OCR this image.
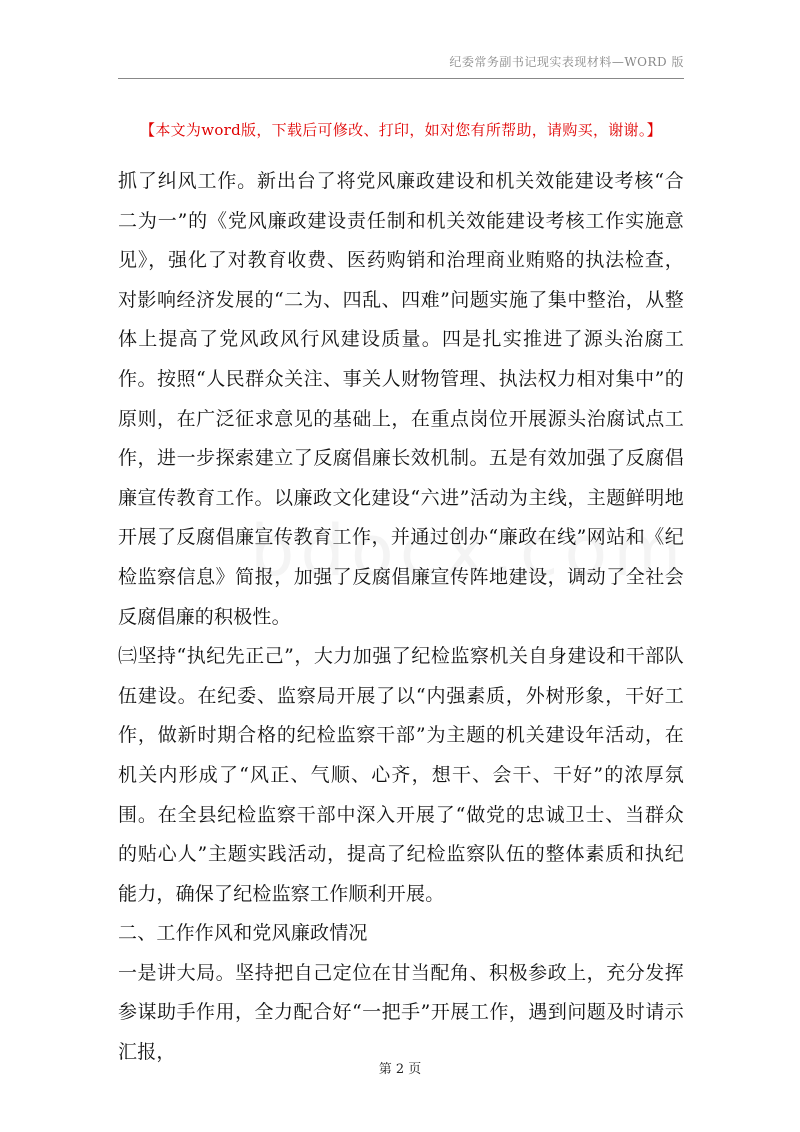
纪委常务副书记现实表现材料—WORD 版
【本文为word版，下载后可修改、打印，如对您有所帮助，请购买，谢谢。】

抓了纠风工作。新出台了将党风廉政建设和机关效能建设考核“合二为一”的《党风廉政建设责任制和机关效能建设考核工作实施意见》，强化了对教育收费、医药购销和治理商业贿赂的执法检查，对影响经济发展的“二为、四乱、四难”问题实施了集中整治，从整体上提高了党风政风行风建设质量。四是扎实推进了源头治腐工作。按照“人民群众关注、事关人财物管理、执法权力相对集中”的原则，在广泛征求意见的基础上，在重点岗位开展源头治腐试点工作，进一步探索建立了反腐倡廉长效机制。五是有效加强了反腐倡廉宣传教育工作。以廉政文化建设“六进”活动为主线，主题鲜明地开展了反腐倡廉宣传教育工作，并通过创办“廉政在线”网站和《纪检监察信息》简报，加强了反腐倡廉宣传阵地建设，调动了全社会反腐倡廉的积极性。

㈢坚持“执纪先正己”，大力加强了纪检监察机关自身建设和干部队伍建设。在纪委、监察局开展了以“内强素质，外树形象，干好工作，做新时期合格的纪检监察干部”为主题的机关建设年活动，在机关内形成了“风正、气顺、心齐，想干、会干、干好”的浓厚氛围。在全县纪检监察干部中深入开展了“做党的忠诚卫士、当群众的贴心人”主题实践活动，提高了纪检监察队伍的整体素质和执纪能力，确保了纪检监察工作顺利开展。

二、工作作风和党风廉政情况

一是讲大局。坚持把自己定位在甘当配角、积极参政上，充分发挥参谋助手作用，全力配合好“一把手”开展工作，遇到问题及时请示汇报，

第 2 页
